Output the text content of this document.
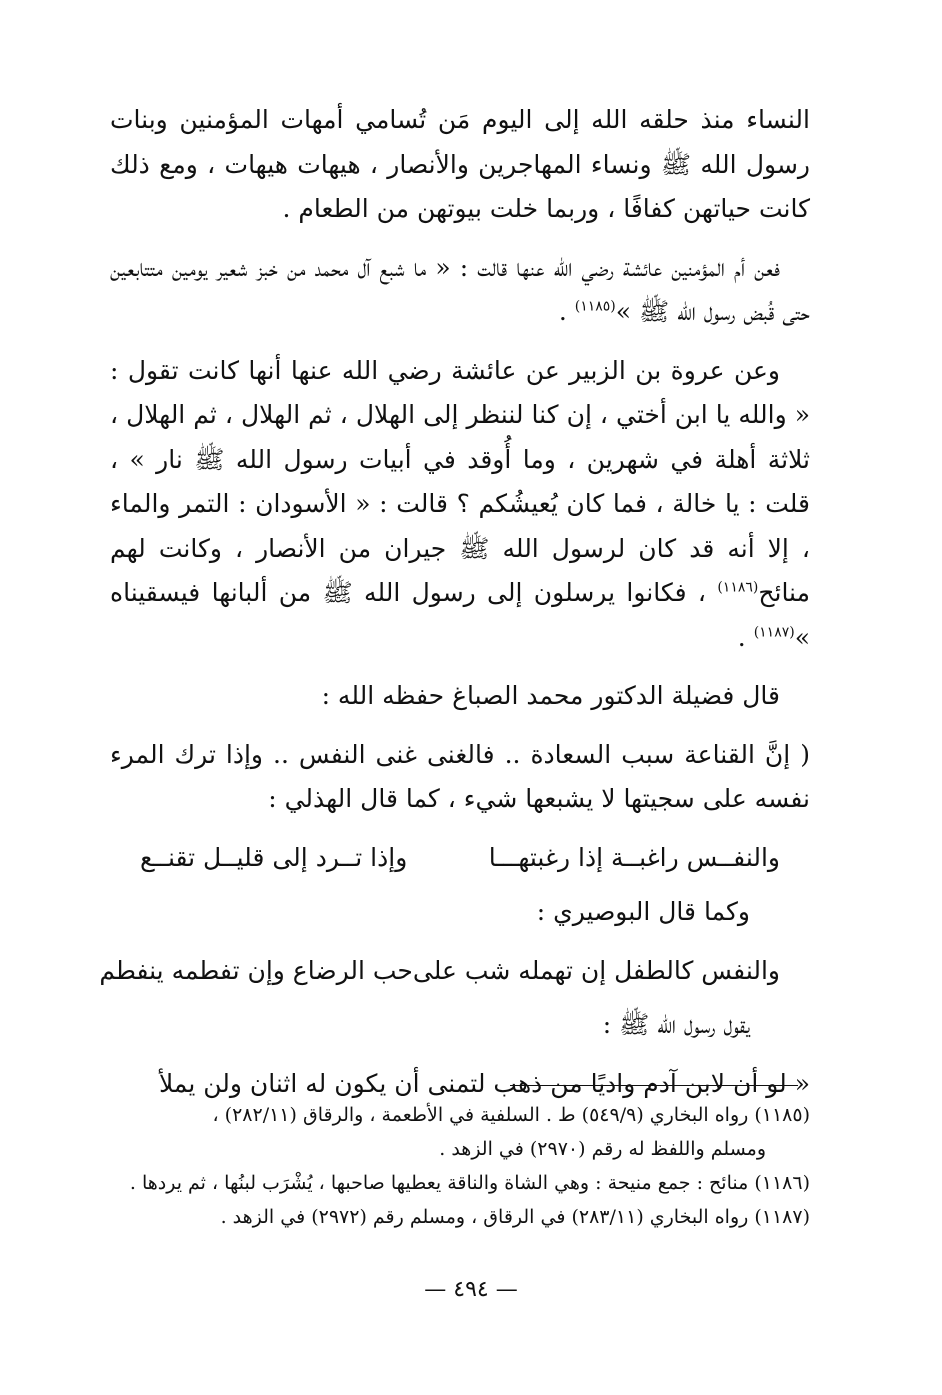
النساء منذ حلقه الله إلى اليوم مَن تُسامي أمهات المؤمنين وبنات رسول الله ﷺ ونساء المهاجرين والأنصار ، هيهات هيهات ، ومع ذلك كانت حياتهن كفافًا ، وربما خلت بيوتهن من الطعام .

فعن أم المؤمنين عائشة رضي الله عنها قالت : « ما شبع آل محمد من خبز شعير يومين متتابعين حتى قُبض رسول الله ﷺ »$^{(١١٨٥)}$ .

وعن عروة بن الزبير عن عائشة رضي الله عنها أنها كانت تقول : « والله يا ابن أختي ، إن كنا لننظر إلى الهلال ، ثم الهلال ، ثم الهلال ، ثلاثة أهلة في شهرين ، وما أُوقد في أبيات رسول الله ﷺ نار » ، قلت : يا خالة ، فما كان يُعيشُكم ؟ قالت : « الأسودان : التمر والماء ، إلا أنه قد كان لرسول الله ﷺ جيران من الأنصار ، وكانت لهم منائح$^{(١١٨٦)}$ ، فكانوا يرسلون إلى رسول الله ﷺ من ألبانها فيسقيناه »$^{(١١٨٧)}$ .

قال فضيلة الدكتور محمد الصباغ حفظه الله :

( إنَّ القناعة سبب السعادة .. فالغنى غنى النفس .. وإذا ترك المرء نفسه على سجيتها لا يشبعها شيء ، كما قال الهذلي :

والنفــس راغبــة إذا رغبتهـــا
وإذا تــرد إلى قليــل تقنــع

وكما قال البوصيري :

والنفس كالطفل إن تهمله شب على
حب الرضاع وإن تفطمه ينفطم

يقول رسول الله ﷺ :

« لو أن لابن آدم واديًا من ذهب لتمنى أن يكون له اثنان ولن يملأ

(١١٨٥) رواه البخاري (٥٤٩/٩) ط . السلفية في الأطعمة ، والرقاق (٢٨٢/١١) ،

ومسلم واللفظ له رقم (٢٩٧٠) في الزهد .

(١١٨٦) منائح : جمع منيحة : وهي الشاة والناقة يعطيها صاحبها ، يُشْرَب لبنُها ، ثم يردها .

(١١٨٧) رواه البخاري (٢٨٣/١١) في الرقاق ، ومسلم رقم (٢٩٧٢) في الزهد .

— ٤٩٤ —
